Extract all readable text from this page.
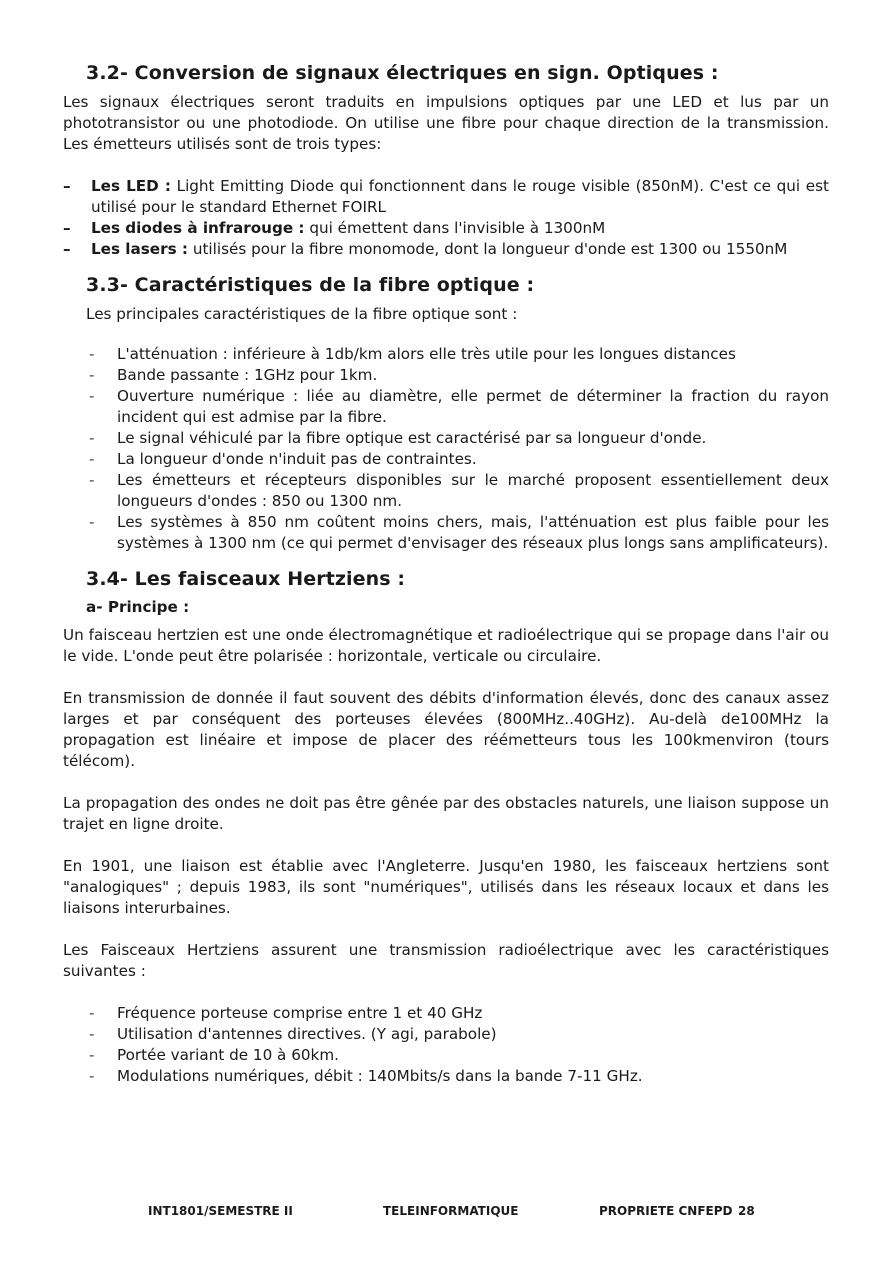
3.2- Conversion de signaux électriques en sign. Optiques :

Les signaux électriques seront traduits en impulsions optiques par une LED et lus par un phototransistor ou une photodiode. On utilise une fibre pour chaque direction de la transmission. Les émetteurs utilisés sont de trois types:

– Les LED : Light Emitting Diode qui fonctionnent dans le rouge visible (850nM). C'est ce qui est utilisé pour le standard Ethernet FOIRL
– Les diodes à infrarouge : qui émettent dans l'invisible à 1300nM
– Les lasers : utilisés pour la fibre monomode, dont la longueur d'onde est 1300 ou 1550nM
3.3- Caractéristiques de la fibre optique :

Les principales caractéristiques de la fibre optique sont :

- L'atténuation : inférieure à 1db/km alors elle très utile pour les longues distances
- Bande passante : 1GHz pour 1km.
- Ouverture numérique : liée au diamètre, elle permet de déterminer la fraction du rayon incident qui est admise par la fibre.
- Le signal véhiculé par la fibre optique est caractérisé par sa longueur d'onde.
- La longueur d'onde n'induit pas de contraintes.
- Les émetteurs et récepteurs disponibles sur le marché proposent essentiellement deux longueurs d'ondes : 850 ou 1300 nm.
- Les systèmes à 850 nm coûtent moins chers, mais, l'atténuation est plus faible pour les systèmes à 1300 nm (ce qui permet d'envisager des réseaux plus longs sans amplificateurs).
3.4- Les faisceaux Hertziens :
a- Principe :

Un faisceau hertzien est une onde électromagnétique et radioélectrique qui se propage dans l'air ou le vide. L'onde peut être polarisée : horizontale, verticale ou circulaire.

En transmission de donnée il faut souvent des débits d'information élevés, donc des canaux assez larges et par conséquent des porteuses élevées (800MHz..40GHz). Au-delà de100MHz la propagation est linéaire et impose de placer des réémetteurs tous les 100kmenviron (tours télécom).

La propagation des ondes ne doit pas être gênée par des obstacles naturels, une liaison suppose un trajet en ligne droite.

En 1901, une liaison est établie avec l'Angleterre. Jusqu'en 1980, les faisceaux hertziens sont "analogiques" ; depuis 1983, ils sont "numériques", utilisés dans les réseaux locaux et dans les liaisons interurbaines.

Les Faisceaux Hertziens assurent une transmission radioélectrique avec les caractéristiques suivantes :

- Fréquence porteuse comprise entre 1 et 40 GHz
- Utilisation d'antennes directives. (Y agi, parabole)
- Portée variant de 10 à 60km.
- Modulations numériques, débit : 140Mbits/s dans la bande 7-11 GHz.
INT1801/SEMESTRE II	TELEINFORMATIQUE	PROPRIETE CNFEPD 28
